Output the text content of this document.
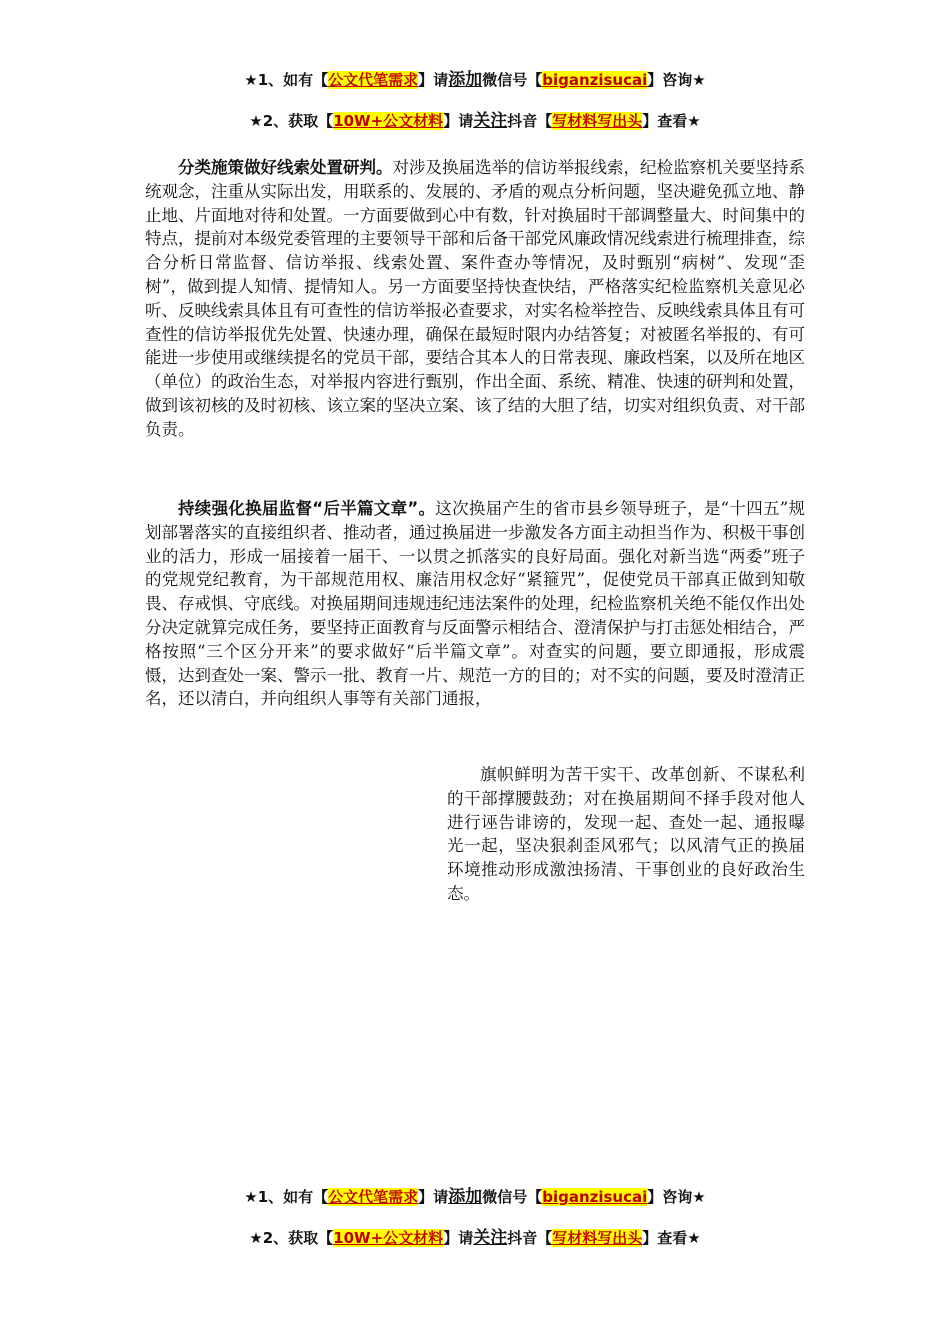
★1、如有【公文代笔需求】请添加微信号【biganzisucai】咨询★
★2、获取【10W+公文材料】请关注抖音【写材料写出头】查看★

分类施策做好线索处置研判。对涉及换届选举的信访举报线索，纪检监察机关要坚持系统观念，注重从实际出发，用联系的、发展的、矛盾的观点分析问题，坚决避免孤立地、静止地、片面地对待和处置。一方面要做到心中有数，针对换届时干部调整量大、时间集中的特点，提前对本级党委管理的主要领导干部和后备干部党风廉政情况线索进行梳理排查，综合分析日常监督、信访举报、线索处置、案件查办等情况，及时甄别“病树”、发现“歪树”，做到提人知情、提情知人。另一方面要坚持快查快结，严格落实纪检监察机关意见必听、反映线索具体且有可查性的信访举报必查要求，对实名检举控告、反映线索具体且有可查性的信访举报优先处置、快速办理，确保在最短时限内办结答复；对被匿名举报的、有可能进一步使用或继续提名的党员干部，要结合其本人的日常表现、廉政档案，以及所在地区（单位）的政治生态，对举报内容进行甄别，作出全面、系统、精准、快速的研判和处置，做到该初核的及时初核、该立案的坚决立案、该了结的大胆了结，切实对组织负责、对干部负责。

持续强化换届监督“后半篇文章”。这次换届产生的省市县乡领导班子，是“十四五”规划部署落实的直接组织者、推动者，通过换届进一步激发各方面主动担当作为、积极干事创业的活力，形成一届接着一届干、一以贯之抓落实的良好局面。强化对新当选“两委”班子的党规党纪教育，为干部规范用权、廉洁用权念好“紧箍咒”，促使党员干部真正做到知敬畏、存戒惧、守底线。对换届期间违规违纪违法案件的处理，纪检监察机关绝不能仅作出处分决定就算完成任务，要坚持正面教育与反面警示相结合、澄清保护与打击惩处相结合，严格按照“三个区分开来”的要求做好“后半篇文章”。对查实的问题，要立即通报，形成震慑，达到查处一案、警示一批、教育一片、规范一方的目的；对不实的问题，要及时澄清正名，还以清白，并向组织人事等有关部门通报，

旗帜鲜明为苦干实干、改革创新、不谋私利的干部撑腰鼓劲；对在换届期间不择手段对他人进行诬告诽谤的，发现一起、查处一起、通报曝光一起，坚决狠刹歪风邪气；以风清气正的换届环境推动形成激浊扬清、干事创业的良好政治生态。

★1、如有【公文代笔需求】请添加微信号【biganzisucai】咨询★
★2、获取【10W+公文材料】请关注抖音【写材料写出头】查看★
